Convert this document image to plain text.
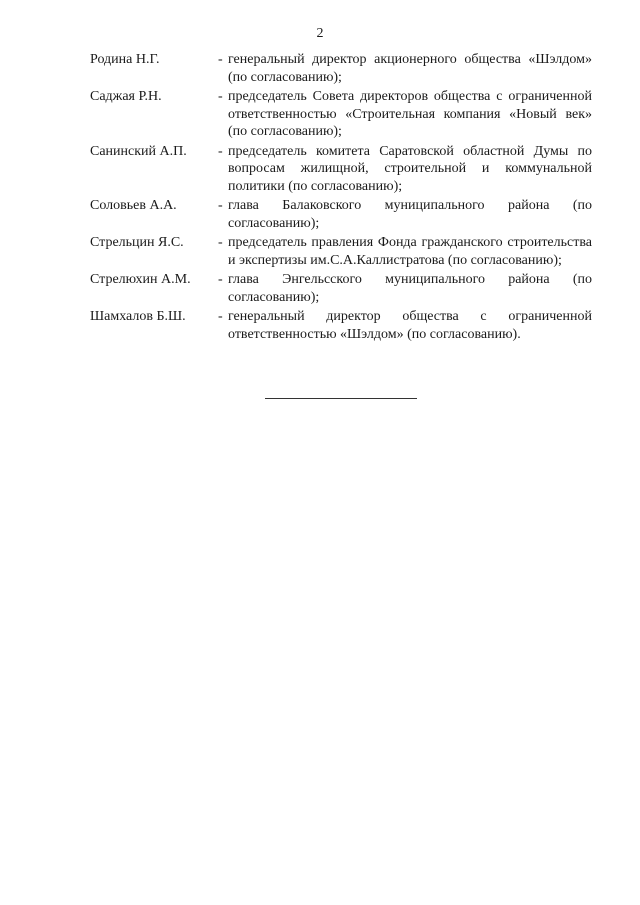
2
Родина Н.Г.	- генеральный директор акционерного общества «Шэлдом» (по согласованию);
Саджая Р.Н.	- председатель Совета директоров общества с ограниченной ответственностью «Строительная компания «Новый век» (по согласованию);
Санинский А.П.	- председатель комитета Саратовской областной Думы по вопросам жилищной, строительной и коммунальной политики (по согласованию);
Соловьев А.А.	- глава Балаковского муниципального района (по согласованию);
Стрельцин Я.С.	- председатель правления Фонда гражданского строительства и экспертизы им.С.А.Каллистратова (по согласованию);
Стрелюхин А.М.	- глава Энгельсского муниципального района (по согласованию);
Шамхалов Б.Ш.	- генеральный директор общества с ограниченной ответственностью «Шэлдом» (по согласованию).
